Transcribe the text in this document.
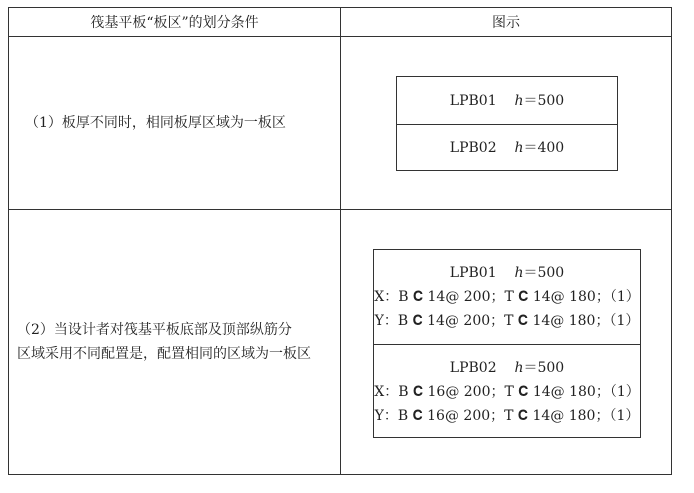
筏基平板“板区”的划分条件	图示
（1）板厚不同时，相同板厚区域为一板区
LPB01 h＝500
LPB02 h＝400
（2）当设计者对筏基平板底部及顶部纵筋分
区域采用不同配置是，配置相同的区域为一板区
LPB01 h＝500
X：B 𝐂 14@ 200；T 𝐂 14@ 180；（1）
Y：B 𝐂 14@ 200；T 𝐂 14@ 180；（1）
LPB02 h＝500
X：B 𝐂 16@ 200；T 𝐂 14@ 180；（1）
Y：B 𝐂 16@ 200；T 𝐂 14@ 180；（1）
